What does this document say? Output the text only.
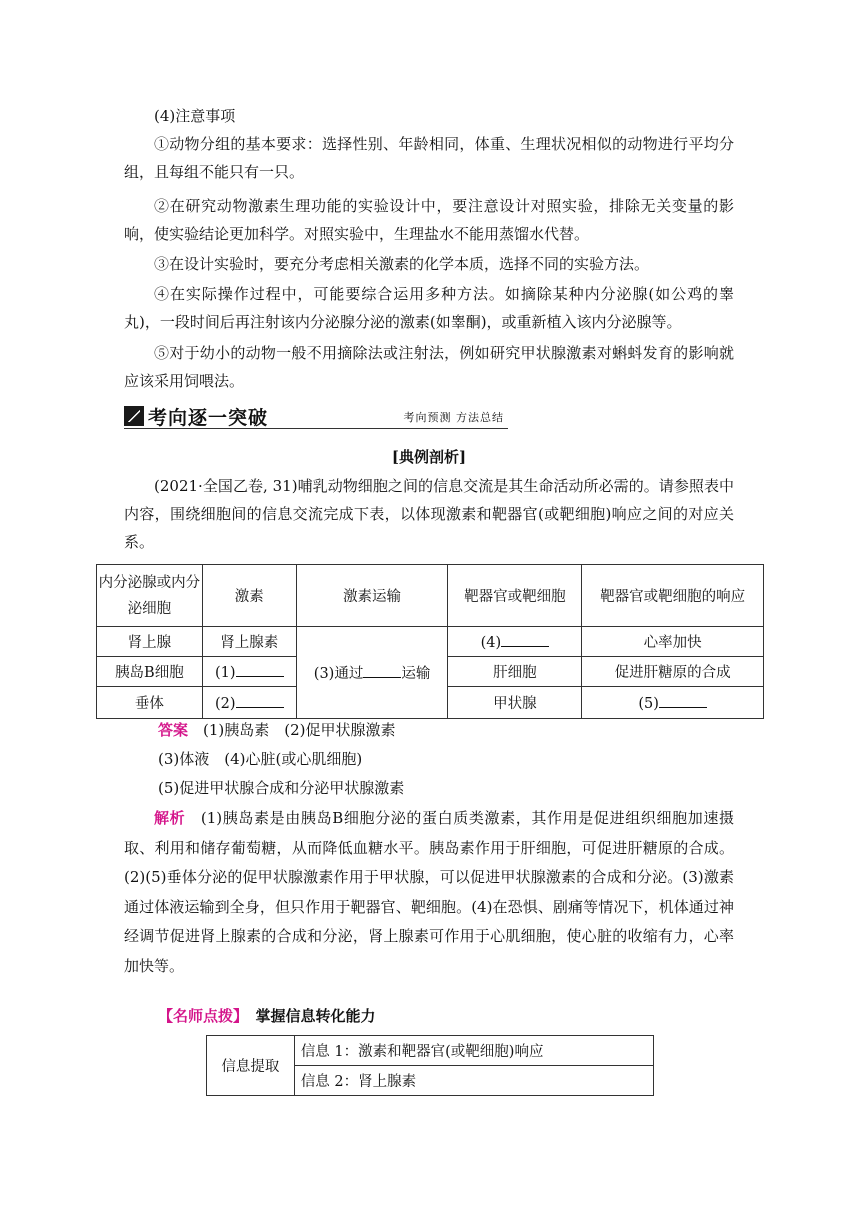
(4)注意事项

①动物分组的基本要求：选择性别、年龄相同，体重、生理状况相似的动物进行平均分组，且每组不能只有一只。

②在研究动物激素生理功能的实验设计中，要注意设计对照实验，排除无关变量的影响，使实验结论更加科学。对照实验中，生理盐水不能用蒸馏水代替。

③在设计实验时，要充分考虑相关激素的化学本质，选择不同的实验方法。

④在实际操作过程中，可能要综合运用多种方法。如摘除某种内分泌腺(如公鸡的睾丸)，一段时间后再注射该内分泌腺分泌的激素(如睾酮)，或重新植入该内分泌腺等。

⑤对于幼小的动物一般不用摘除法或注射法，例如研究甲状腺激素对蝌蚪发育的影响就应该采用饲喂法。

考向逐一突破	考向预测 方法总结

[典例剖析]

(2021·全国乙卷, 31)哺乳动物细胞之间的信息交流是其生命活动所必需的。请参照表中内容，围绕细胞间的信息交流完成下表，以体现激素和靶器官(或靶细胞)响应之间的对应关系。

内分泌腺或内分泌细胞	激素	激素运输	靶器官或靶细胞	靶器官或靶细胞的响应
肾上腺	肾上腺素	(3)通过 运输	(4)	心率加快
胰岛B细胞	(1)		肝细胞	促进肝糖原的合成
垂体	(2)		甲状腺	(5)

答案　 (1)胰岛素　(2)促甲状腺激素

(3)体液　(4)心脏(或心肌细胞)

(5)促进甲状腺合成和分泌甲状腺激素

解析　 (1)胰岛素是由胰岛B细胞分泌的蛋白质类激素，其作用是促进组织细胞加速摄取、利用和储存葡萄糖，从而降低血糖水平。胰岛素作用于肝细胞，可促进肝糖原的合成。(2)(5)垂体分泌的促甲状腺激素作用于甲状腺，可以促进甲状腺激素的合成和分泌。(3)激素通过体液运输到全身，但只作用于靶器官、靶细胞。(4)在恐惧、剧痛等情况下，机体通过神经调节促进肾上腺素的合成和分泌，肾上腺素可作用于心肌细胞，使心脏的收缩有力，心率加快等。

【名师点拨】　 掌握信息转化能力

信息提取	信息 1：激素和靶器官(或靶细胞)响应
信息 2：肾上腺素
